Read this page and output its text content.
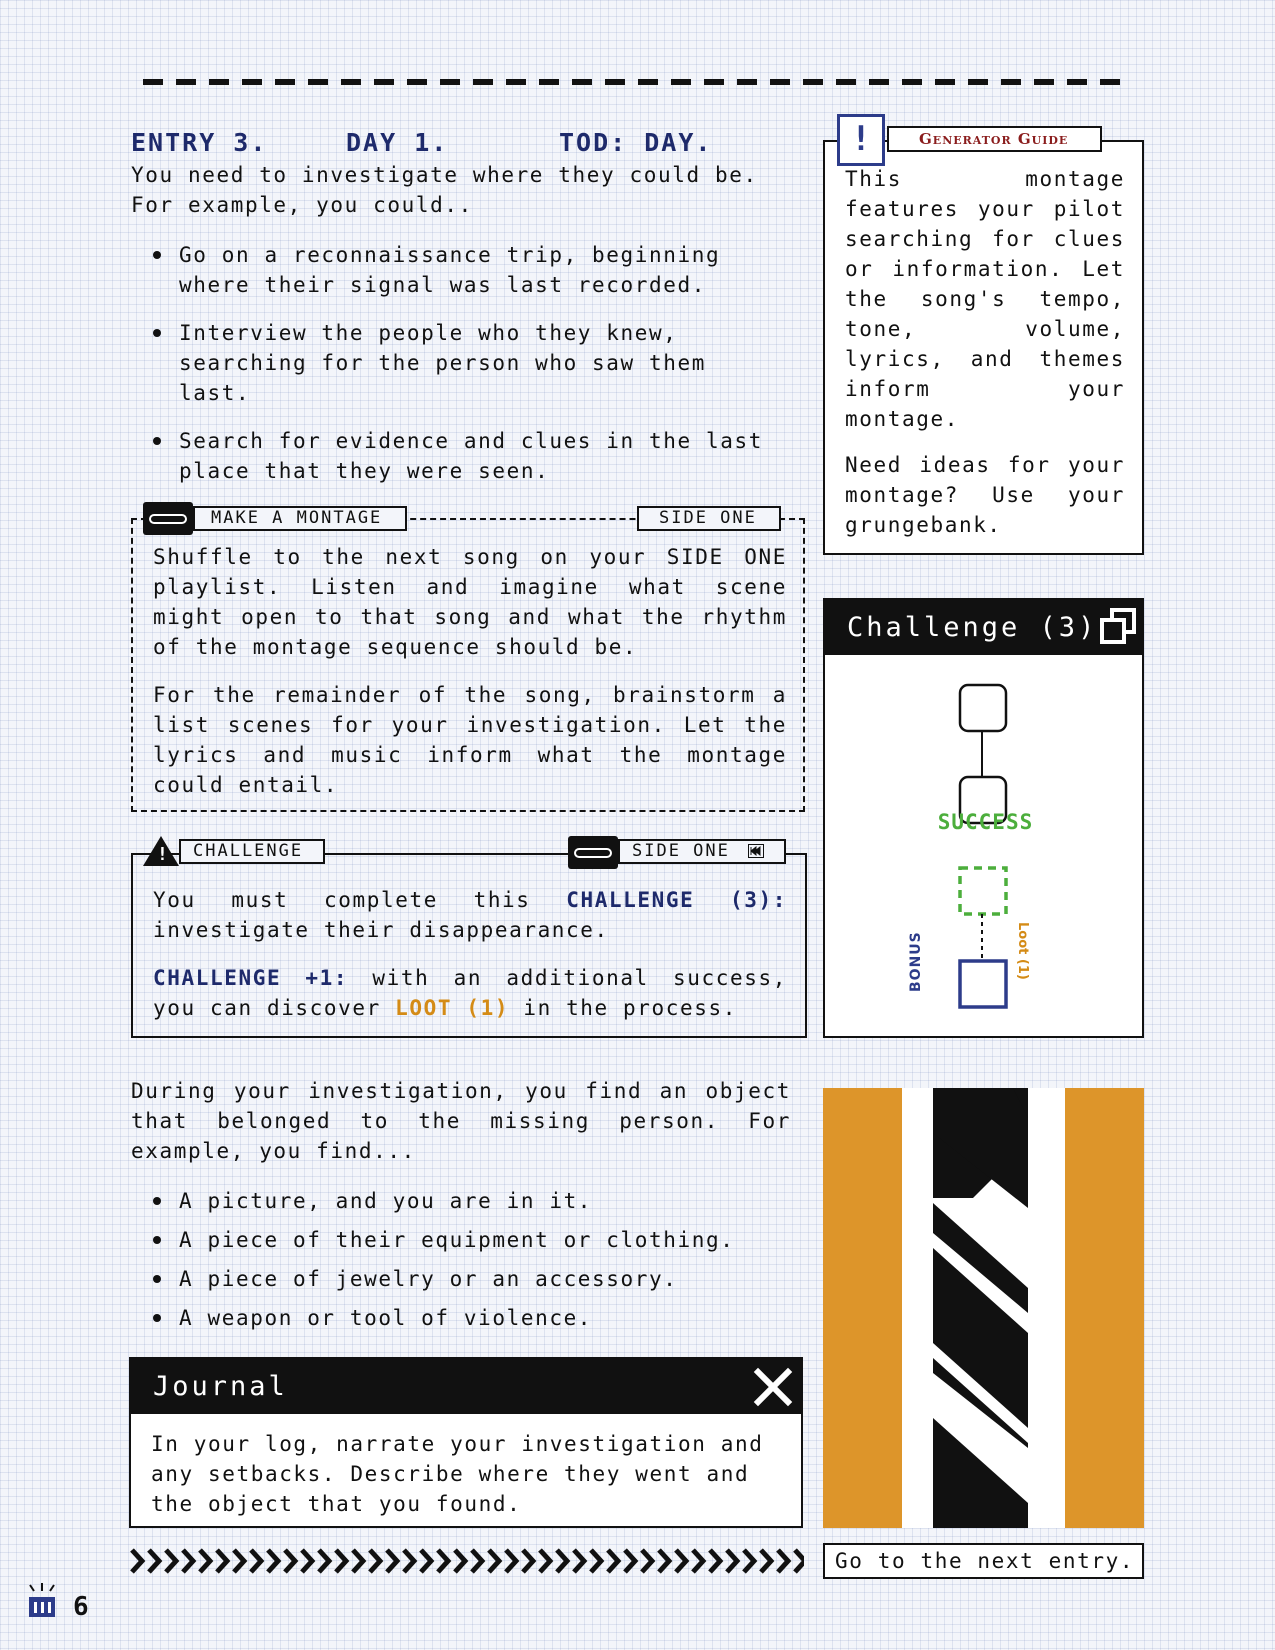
ENTRY 3.	DAY 1.	TOD: DAY.
You need to investigate where they could be.
For example, you could..
Go on a reconnaissance trip, beginning where their signal was last recorded.
Interview the people who they knew, searching for the person who saw them last.
Search for evidence and clues in the last place that they were seen.

Shuffle to the next song on your SIDE ONE playlist. Listen and imagine what scene might open to that song and what the rhythm of the montage sequence should be.

For the remainder of the song, brainstorm a list scenes for your investigation. Let the lyrics and music inform what the montage could entail.

MAKE A MONTAGE	SIDE ONE

You must complete this CHALLENGE (3): investigate their disappearance.

CHALLENGE +1: with an additional success, you can discover LOOT (1) in the process.

!	CHALLENGE	SIDE ONE

This montage features your pilot searching for clues or information. Let the song's tempo, tone, volume, lyrics, and themes inform your montage.

Need ideas for your montage? Use your grungebank.

Generator Guide
!
Challenge (3)
SUCCESS
BONUS	Loot (1)

During your investigation, you find an object that belonged to the missing person. For example, you find...

A picture, and you are in it.
A piece of their equipment or clothing.
A piece of jewelry or an accessory.
A weapon or tool of violence.
Journal
In your log, narrate your investigation and any setbacks. Describe where they went and the object that you found.
Go to the next entry.
6
